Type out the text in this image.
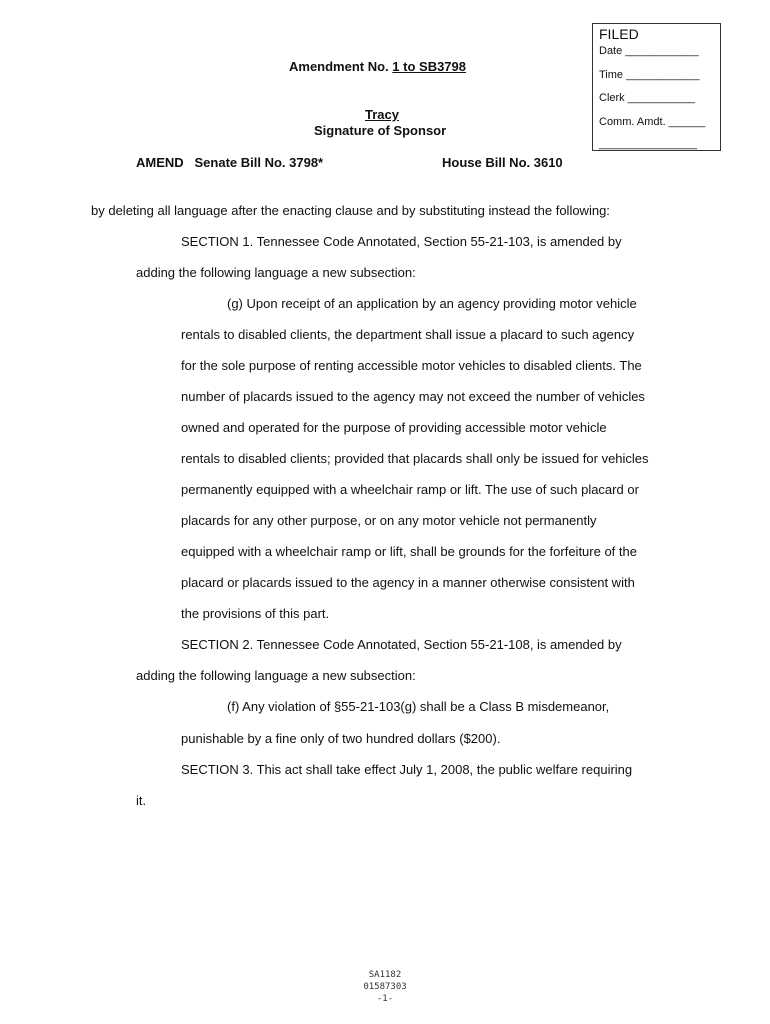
FILED
Date ____________
Time ____________
Clerk ___________
Comm. Amdt. ______
________________
Amendment No. 1 to SB3798
Tracy
Signature of Sponsor
AMEND   Senate Bill No. 3798*	House Bill No. 3610
by deleting all language after the enacting clause and by substituting instead the following:
SECTION 1. Tennessee Code Annotated, Section 55-21-103, is amended by
adding the following language a new subsection:
(g) Upon receipt of an application by an agency providing motor vehicle
rentals to disabled clients, the department shall issue a placard to such agency
for the sole purpose of renting accessible motor vehicles to disabled clients. The
number of placards issued to the agency may not exceed the number of vehicles
owned and operated for the purpose of providing accessible motor vehicle
rentals to disabled clients; provided that placards shall only be issued for vehicles
permanently equipped with a wheelchair ramp or lift. The use of such placard or
placards for any other purpose, or on any motor vehicle not permanently
equipped with a wheelchair ramp or lift, shall be grounds for the forfeiture of the
placard or placards issued to the agency in a manner otherwise consistent with
the provisions of this part.
SECTION 2. Tennessee Code Annotated, Section 55-21-108, is amended by
adding the following language a new subsection:
(f) Any violation of §55-21-103(g) shall be a Class B misdemeanor,
punishable by a fine only of two hundred dollars ($200).
SECTION 3. This act shall take effect July 1, 2008, the public welfare requiring
it.
SA1182
01587303
-1-
